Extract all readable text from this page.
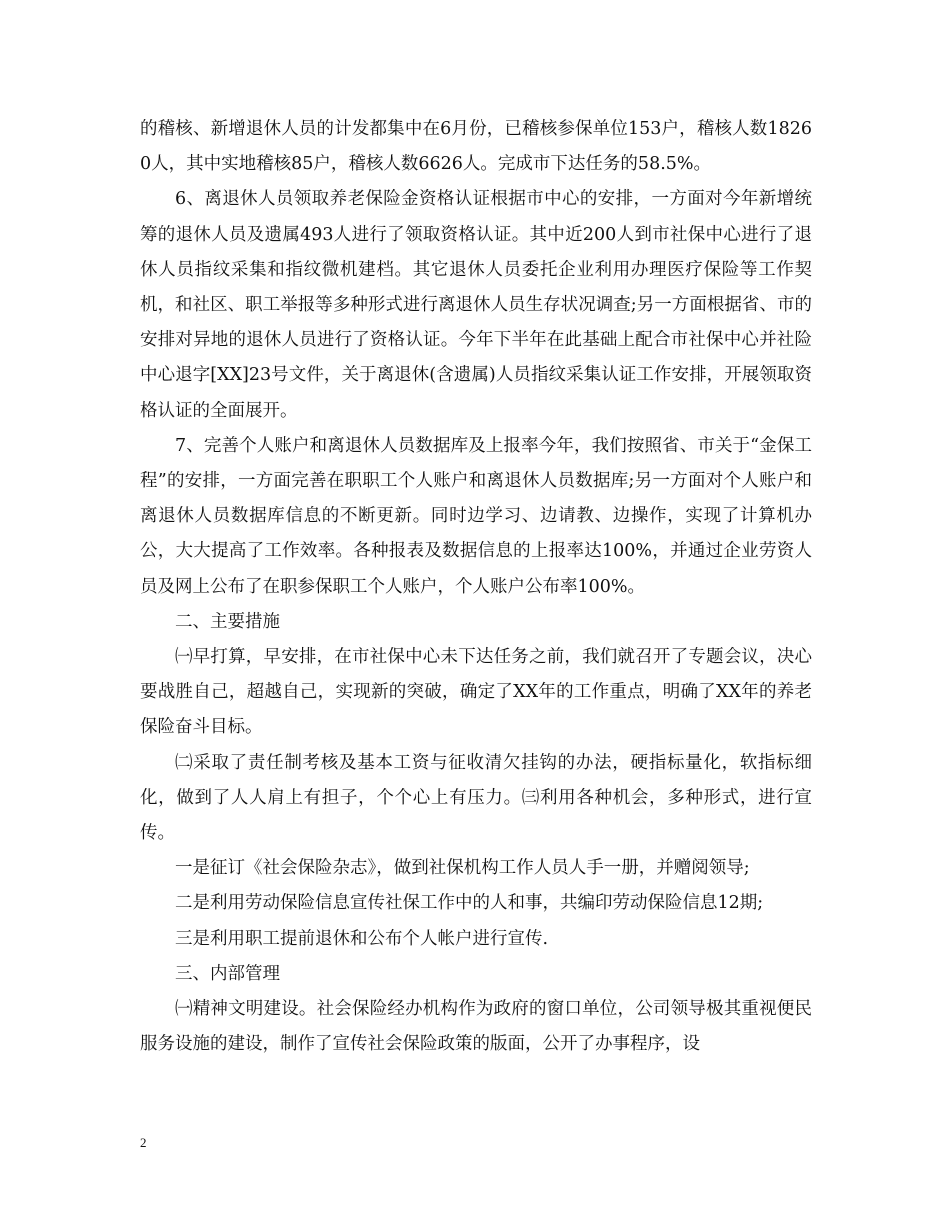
的稽核、新增退休人员的计发都集中在6月份，已稽核参保单位153户，稽核人数18260人，其中实地稽核85户，稽核人数6626人。完成市下达任务的58.5%。

6、离退休人员领取养老保险金资格认证根据市中心的安排，一方面对今年新增统筹的退休人员及遗属493人进行了领取资格认证。其中近200人到市社保中心进行了退休人员指纹采集和指纹微机建档。其它退休人员委托企业利用办理医疗保险等工作契机，和社区、职工举报等多种形式进行离退休人员生存状况调查;另一方面根据省、市的安排对异地的退休人员进行了资格认证。今年下半年在此基础上配合市社保中心并社险中心退字[XX]23号文件，关于离退休(含遗属)人员指纹采集认证工作安排，开展领取资格认证的全面展开。

7、完善个人账户和离退休人员数据库及上报率今年，我们按照省、市关于“金保工程”的安排，一方面完善在职职工个人账户和离退休人员数据库;另一方面对个人账户和离退休人员数据库信息的不断更新。同时边学习、边请教、边操作，实现了计算机办公，大大提高了工作效率。各种报表及数据信息的上报率达100%，并通过企业劳资人员及网上公布了在职参保职工个人账户，个人账户公布率100%。

二、主要措施

㈠早打算，早安排，在市社保中心未下达任务之前，我们就召开了专题会议，决心要战胜自己，超越自己，实现新的突破，确定了XX年的工作重点，明确了XX年的养老保险奋斗目标。

㈡采取了责任制考核及基本工资与征收清欠挂钩的办法，硬指标量化，软指标细化，做到了人人肩上有担子，个个心上有压力。㈢利用各种机会，多种形式，进行宣传。

一是征订《社会保险杂志》，做到社保机构工作人员人手一册，并赠阅领导;

二是利用劳动保险信息宣传社保工作中的人和事，共编印劳动保险信息12期;

三是利用职工提前退休和公布个人帐户进行宣传.

三、内部管理

㈠精神文明建设。社会保险经办机构作为政府的窗口单位，公司领导极其重视便民服务设施的建设，制作了宣传社会保险政策的版面，公开了办事程序，设

2
